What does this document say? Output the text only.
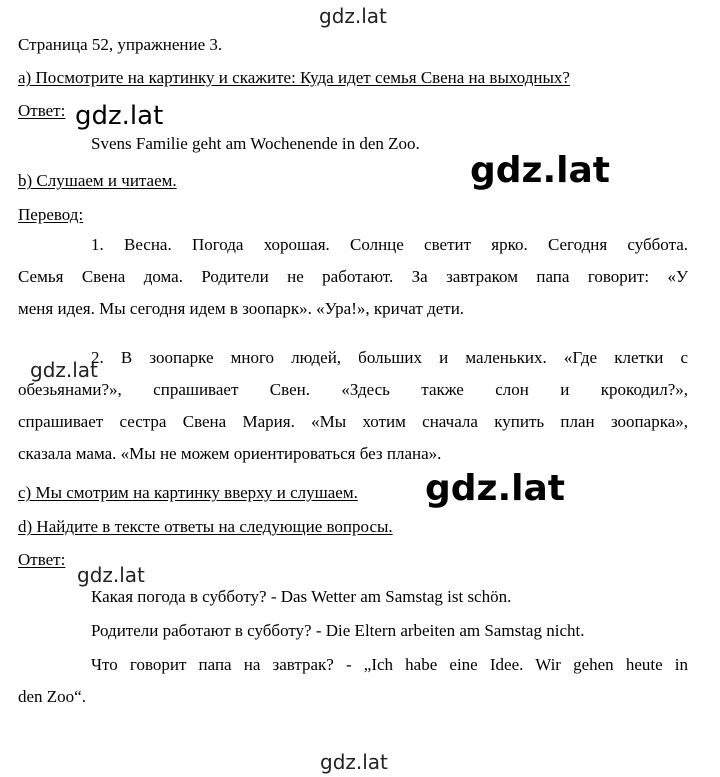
gdz.lat
Страница 52, упражнение 3.
a) Посмотрите на картинку и скажите: Куда идет семья Свена на выходных?
Ответ: gdz.lat
Svens Familie geht am Wochenende in den Zoo.
gdz.lat
b) Слушаем и читаем.
Перевод:
1. Весна. Погода хорошая. Солнце светит ярко. Сегодня суббота.
Семья Свена дома. Родители не работают. За завтраком папа говорит: «У
меня идея. Мы сегодня идем в зоопарк». «Ура!», кричат дети.
2. В зоопарке много людей, больших и маленьких. «Где клетки с
обезьянами?», спрашивает Свен. «Здесь также слон и крокодил?»,
спрашивает сестра Свена Мария. «Мы хотим сначала купить план зоопарка»,
сказала мама. «Мы не можем ориентироваться без плана».
gdz.lat
c) Мы смотрим на картинку вверху и слушаем. gdz.lat
d) Найдите в тексте ответы на следующие вопросы.
Ответ:
gdz.lat
Какая погода в субботу? - Das Wetter am Samstag ist schön.
Родители работают в субботу? - Die Eltern arbeiten am Samstag nicht.
Что говорит папа на завтрак? - „Ich habe eine Idee. Wir gehen heute in
den Zoo“.
gdz.lat
